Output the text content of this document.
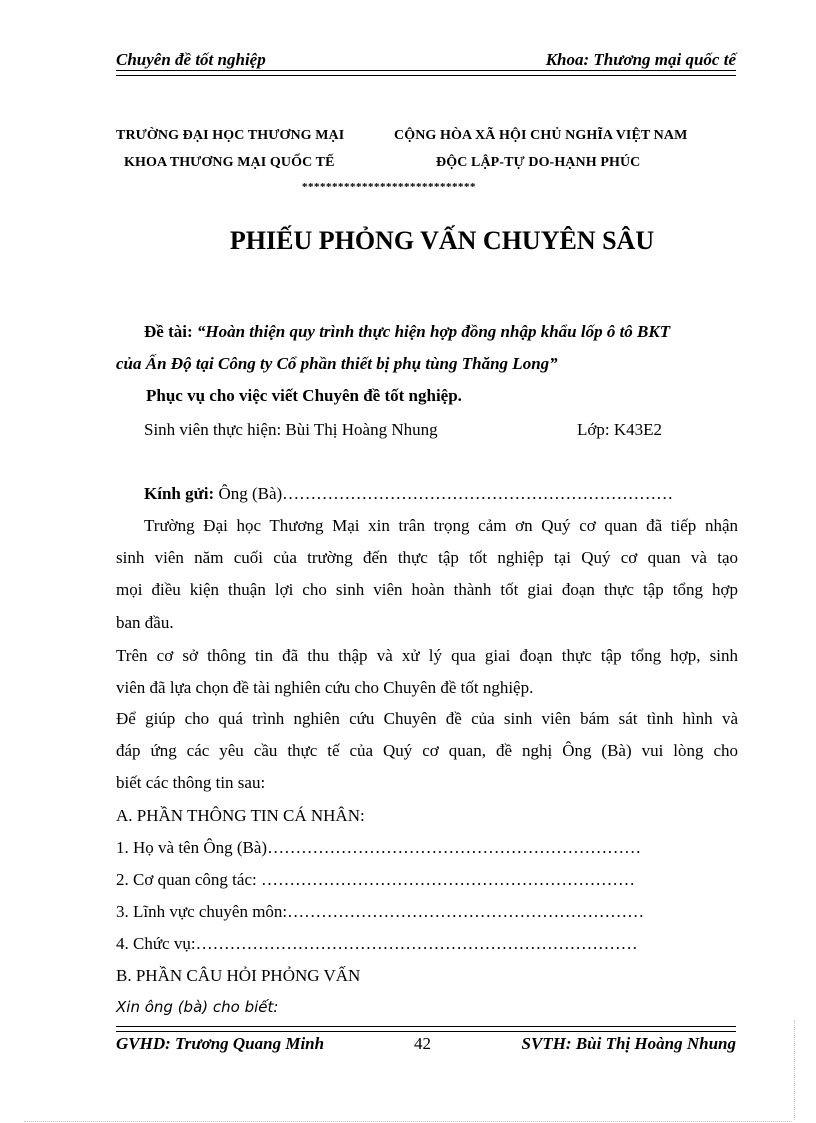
Chuyên đề tốt nghiệp	Khoa: Thương mại quốc tế
TRƯỜNG ĐẠI HỌC THƯƠNG MẠI
KHOA THƯƠNG MẠI QUỐC TẾ
CỘNG HÒA XÃ HỘI CHỦ NGHĨA VIỆT NAM
ĐỘC LẬP-TỰ DO-HẠNH PHÚC
*****************************
PHIẾU PHỎNG VẤN CHUYÊN SÂU
Đề tài: “Hoàn thiện quy trình thực hiện hợp đồng nhập khẩu lốp ô tô BKT
của Ấn Độ tại Công ty Cổ phần thiết bị phụ tùng Thăng Long”
Phục vụ cho việc viết Chuyên đề tốt nghiệp.
Sinh viên thực hiện: Bùi Thị Hoàng Nhung	Lớp: K43E2
Kính gửi: Ông (Bà)……………………………………………………………
Trường Đại học Thương Mại xin trân trọng cảm ơn Quý cơ quan đã tiếp nhận
sinh viên năm cuối của trường đến thực tập tốt nghiệp tại Quý cơ quan và tạo
mọi điều kiện thuận lợi cho sinh viên hoàn thành tốt giai đoạn thực tập tổng hợp
ban đầu.
Trên cơ sở thông tin đã thu thập và xử lý qua giai đoạn thực tập tổng hợp, sinh
viên đã lựa chọn đề tài nghiên cứu cho Chuyên đề tốt nghiệp.
Để giúp cho quá trình nghiên cứu Chuyên đề của sinh viên bám sát tình hình và
đáp ứng các yêu cầu thực tế của Quý cơ quan, đề nghị Ông (Bà) vui lòng cho
biết các thông tin sau:
A. PHẦN THÔNG TIN CÁ NHÂN:
1. Họ và tên Ông (Bà)…………………………………………………………
2. Cơ quan công tác: …………………………………………………………
3. Lĩnh vực chuyên môn:………………………………………………………
4. Chức vụ:……………………………………………………………………
B. PHẦN CÂU HỎI PHỎNG VẤN
Xin ông (bà) cho biết:
GVHD: Trương Quang Minh	42	SVTH: Bùi Thị Hoàng Nhung
